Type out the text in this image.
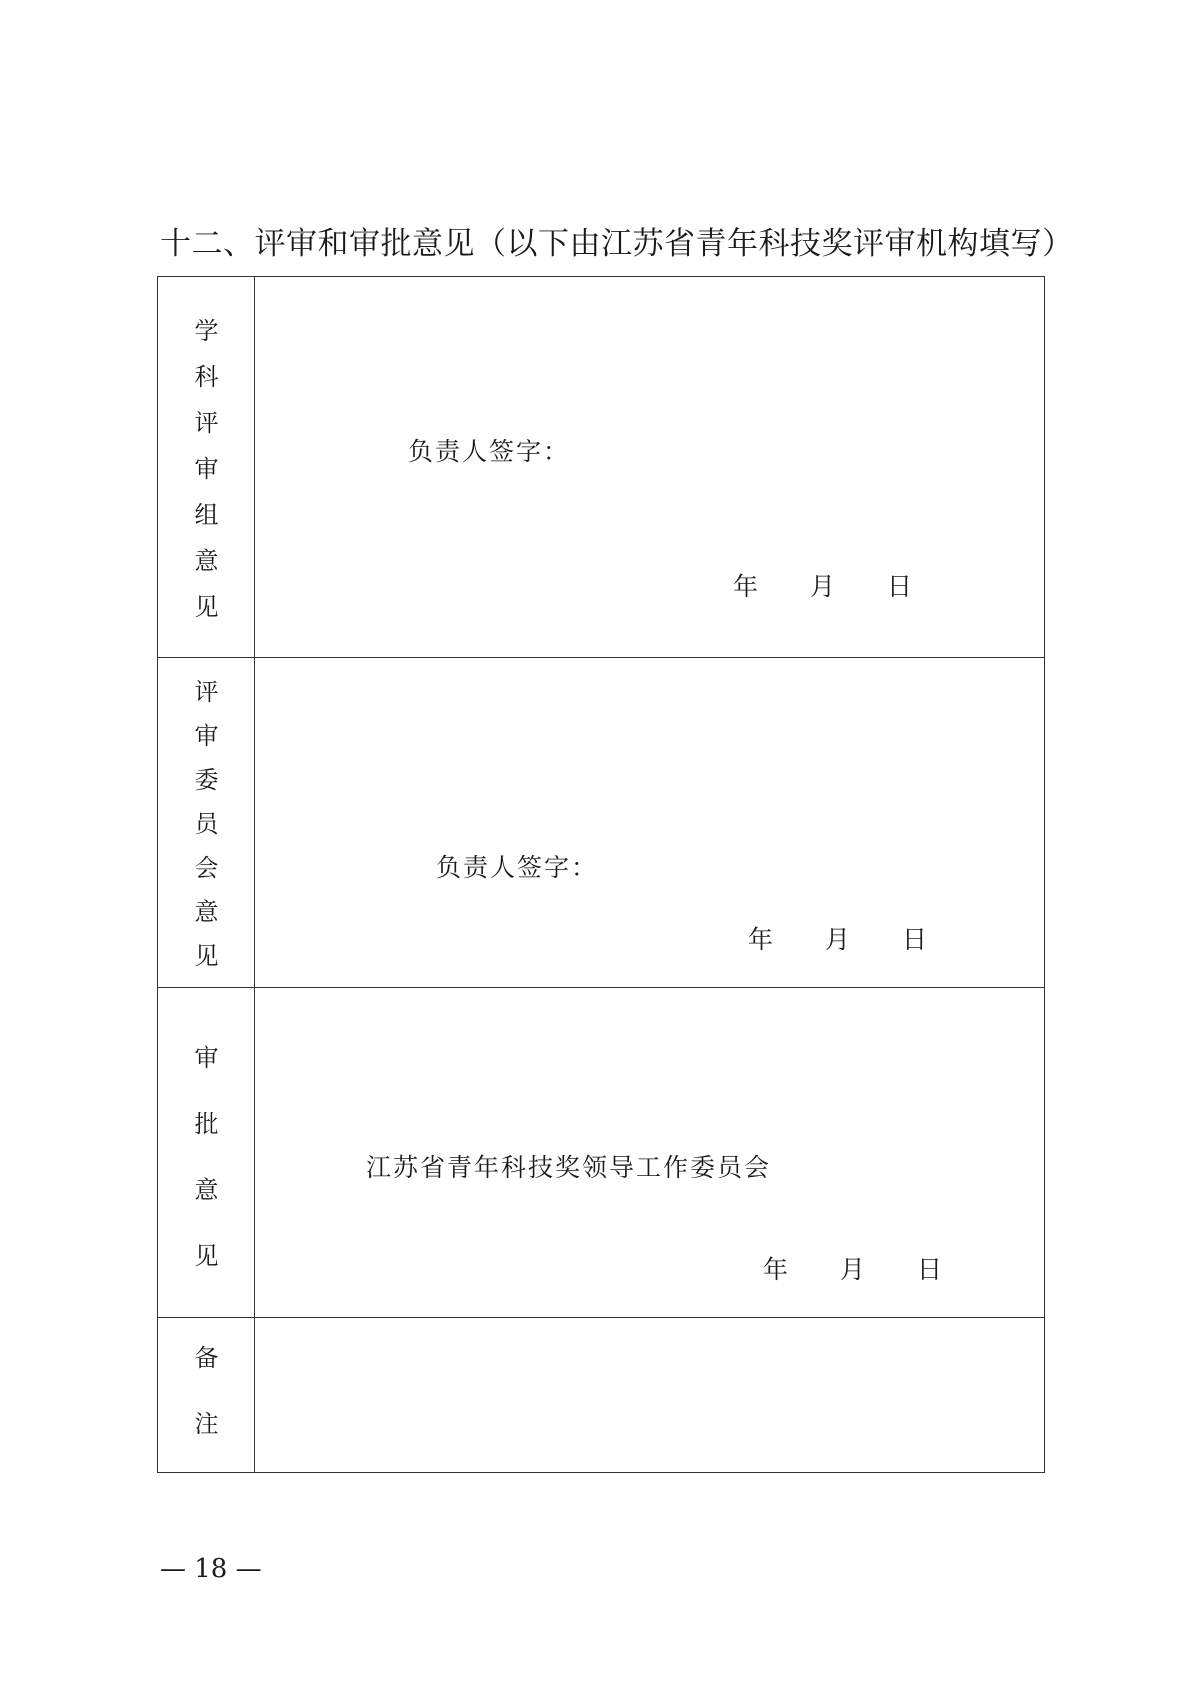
十二、评审和审批意见（以下由江苏省青年科技奖评审机构填写）
学
科
评
审
组
意
见
负责人签字：
年 月 日
评
审
委
员
会
意
见
负责人签字：
年 月 日
审
批
意
见
江苏省青年科技奖领导工作委员会
年 月 日
备
注
— 18 —
